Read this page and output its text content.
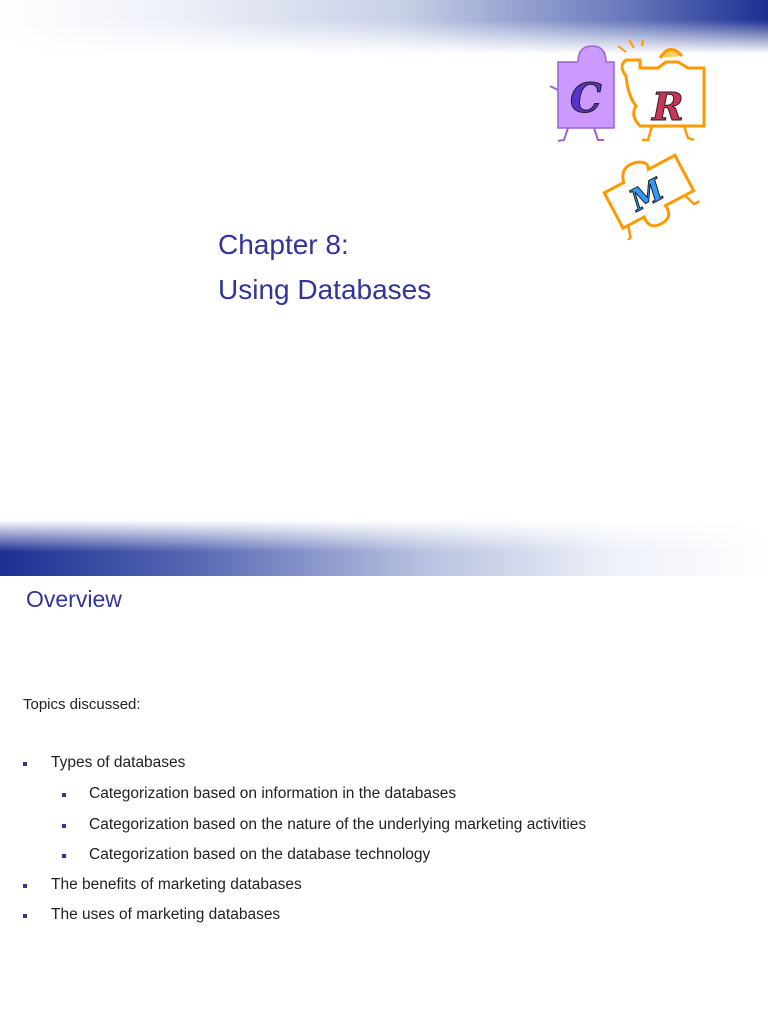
C R
M
Chapter 8:
Using Databases
Overview
Topics discussed:
Types of databases
Categorization based on information in the databases
Categorization based on the nature of the underlying marketing activities
Categorization based on the database technology
The benefits of marketing databases
The uses of marketing databases
